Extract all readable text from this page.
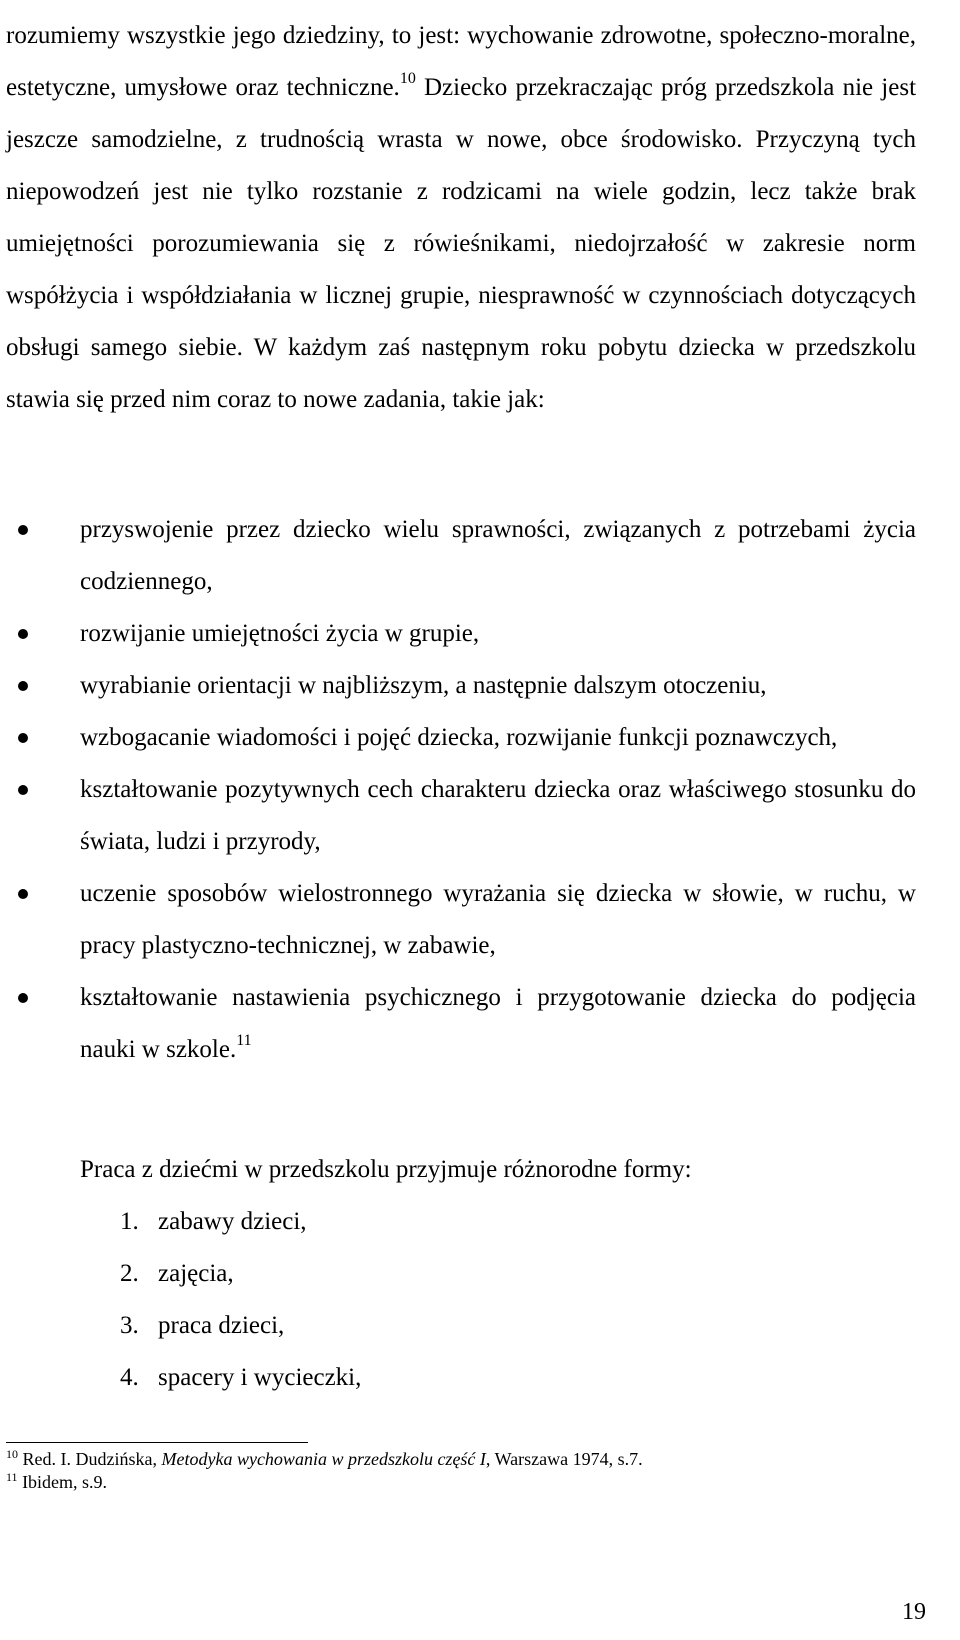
rozumiemy wszystkie jego dziedziny, to jest: wychowanie zdrowotne, społeczno-moralne, estetyczne, umysłowe oraz techniczne.$^{10}$ Dziecko przekraczając próg przedszkola nie jest jeszcze samodzielne, z trudnością wrasta w nowe, obce środowisko. Przyczyną tych niepowodzeń jest nie tylko rozstanie z rodzicami na wiele godzin, lecz także brak umiejętności porozumiewania się z rówieśnikami, niedojrzałość w zakresie norm współżycia i współdziałania w licznej grupie, niesprawność w czynnościach dotyczących obsługi samego siebie. W każdym zaś następnym roku pobytu dziecka w przedszkolu stawia się przed nim coraz to nowe zadania, takie jak:

przyswojenie przez dziecko wielu sprawności, związanych z potrzebami życia codziennego,
rozwijanie umiejętności życia w grupie,
wyrabianie orientacji w najbliższym, a następnie dalszym otoczeniu,
wzbogacanie wiadomości i pojęć dziecka, rozwijanie funkcji poznawczych,
kształtowanie pozytywnych cech charakteru dziecka oraz właściwego stosunku do świata, ludzi i przyrody,
uczenie sposobów wielostronnego wyrażania się dziecka w słowie, w ruchu, w pracy plastyczno-technicznej, w zabawie,
kształtowanie nastawienia psychicznego i przygotowanie dziecka do podjęcia nauki w szkole.$^{11}$

Praca z dziećmi w przedszkolu przyjmuje różnorodne formy:

1. zabawy dzieci,
2. zajęcia,
3. praca dzieci,
4. spacery i wycieczki,

$^{10}$ Red. I. Dudzińska, Metodyka wychowania w przedszkolu część I, Warszawa 1974, s.7.

$^{11}$ Ibidem, s.9.

19
